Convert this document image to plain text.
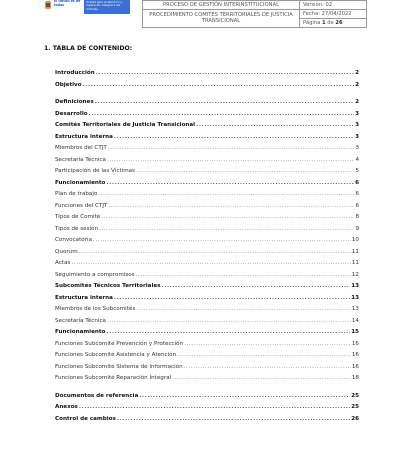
El futuro es de todos
Unidad para la atención y reparación integral a las víctimas
PROCESO DE GESTIÓN INTERINSTITUCIONAL	Versión: 02
PROCEDIMIENTO COMITÉS TERRITORIALES DE JUSTICIA TRANSICIONAL	Fecha: 27/04/2022
	Página 1 de 26
1. TABLA DE CONTENIDO:
Introducción .....	2
Objetivo .....	2
Definiciones .....	2
Desarrollo .....	3
Comités Territoriales de Justicia Transicional .....	3
Estructura interna .....	3
Miembros del CTJT .....	3
Secretaría Técnica .....	4
Participación de las Víctimas .....	5
Funcionamiento .....	6
Plan de trabajo .....	6
Funciones del CTJT .....	6
Tipos de Comité .....	8
Tipos de sesión .....	9
Convocatoria .....	10
Quorum .....	11
Actas .....	11
Seguimiento a compromisos .....	12
Subcomités Técnicos Territoriales .....	13
Estructura interna .....	13
Miembros de los Subcomités .....	13
Secretaría Técnica .....	14
Funcionamiento .....	15
Funciones Subcomité Prevención y Protección .....	16
Funciones Subcomité Asistencia y Atención .....	16
Funciones Subcomité Sistema de Información .....	16
Funciones Subcomité Reparación Integral .....	18
Documentos de referencia .....	25
Anexos .....	25
Control de cambios .....	26
